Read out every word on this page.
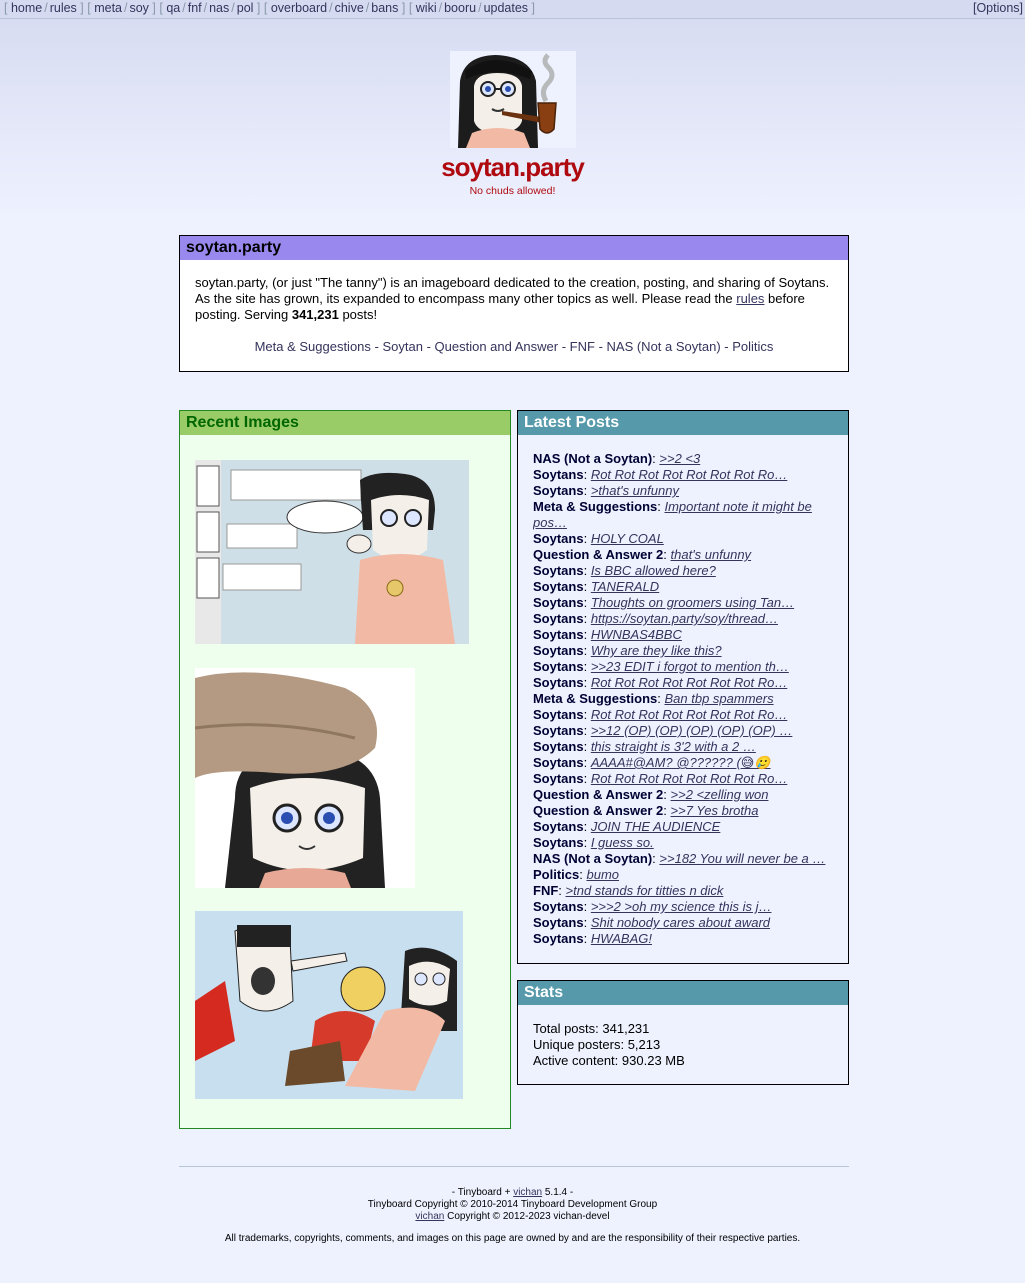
[ home / rules ] [ meta / soy ] [ qa / fnf / nas / pol ] [ overboard / chive / bans ] [ wiki / booru / updates ]	[Options]
soytan.party
No chuds allowed!
soytan.party
soytan.party, (or just "The tanny") is an imageboard dedicated to the creation, posting, and sharing of Soytans. As the site has grown, its expanded to encompass many other topics as well. Please read the rules before posting. Serving 341,231 posts!
Meta & Suggestions - Soytan - Question and Answer - FNF - NAS (Not a Soytan) - Politics
Recent Images	Latest Posts
NAS (Not a Soytan): >>2 <3
Soytans: Rot Rot Rot Rot Rot Rot Rot Ro…
Soytans: >that's unfunny
Meta & Suggestions: Important note it might be pos…
Soytans: HOLY COAL
Question & Answer 2: that's unfunny
Soytans: Is BBC allowed here?
Soytans: TANERALD
Soytans: Thoughts on groomers using Tan…
Soytans: https://soytan.party/soy/thread…
Soytans: HWNBAS4BBC
Soytans: Why are they like this?
Soytans: >>23 EDIT i forgot to mention th…
Soytans: Rot Rot Rot Rot Rot Rot Rot Ro…
Meta & Suggestions: Ban tbp spammers
Soytans: Rot Rot Rot Rot Rot Rot Rot Ro…
Soytans: >>12 (OP) (OP) (OP) (OP) (OP) …
Soytans: this straight is 3'2 with a 2 …
Soytans: AAAA#@AM? @?????? (😅🥲
Soytans: Rot Rot Rot Rot Rot Rot Rot Ro…
Question & Answer 2: >>2 <zelling won
Question & Answer 2: >>7 Yes brotha
Soytans: JOIN THE AUDIENCE
Soytans: I guess so.
NAS (Not a Soytan): >>182 You will never be a …
Politics: bumo
FNF: >tnd stands for titties n dick
Soytans: >>>2 >oh my science this is j…
Soytans: Shit nobody cares about award
Soytans: HWABAG!
Stats
Total posts: 341,231
Unique posters: 5,213
Active content: 930.23 MB

- Tinyboard + vichan 5.1.4 -

Tinyboard Copyright © 2010-2014 Tinyboard Development Group

vichan Copyright © 2012-2023 vichan-devel

All trademarks, copyrights, comments, and images on this page are owned by and are the responsibility of their respective parties.
